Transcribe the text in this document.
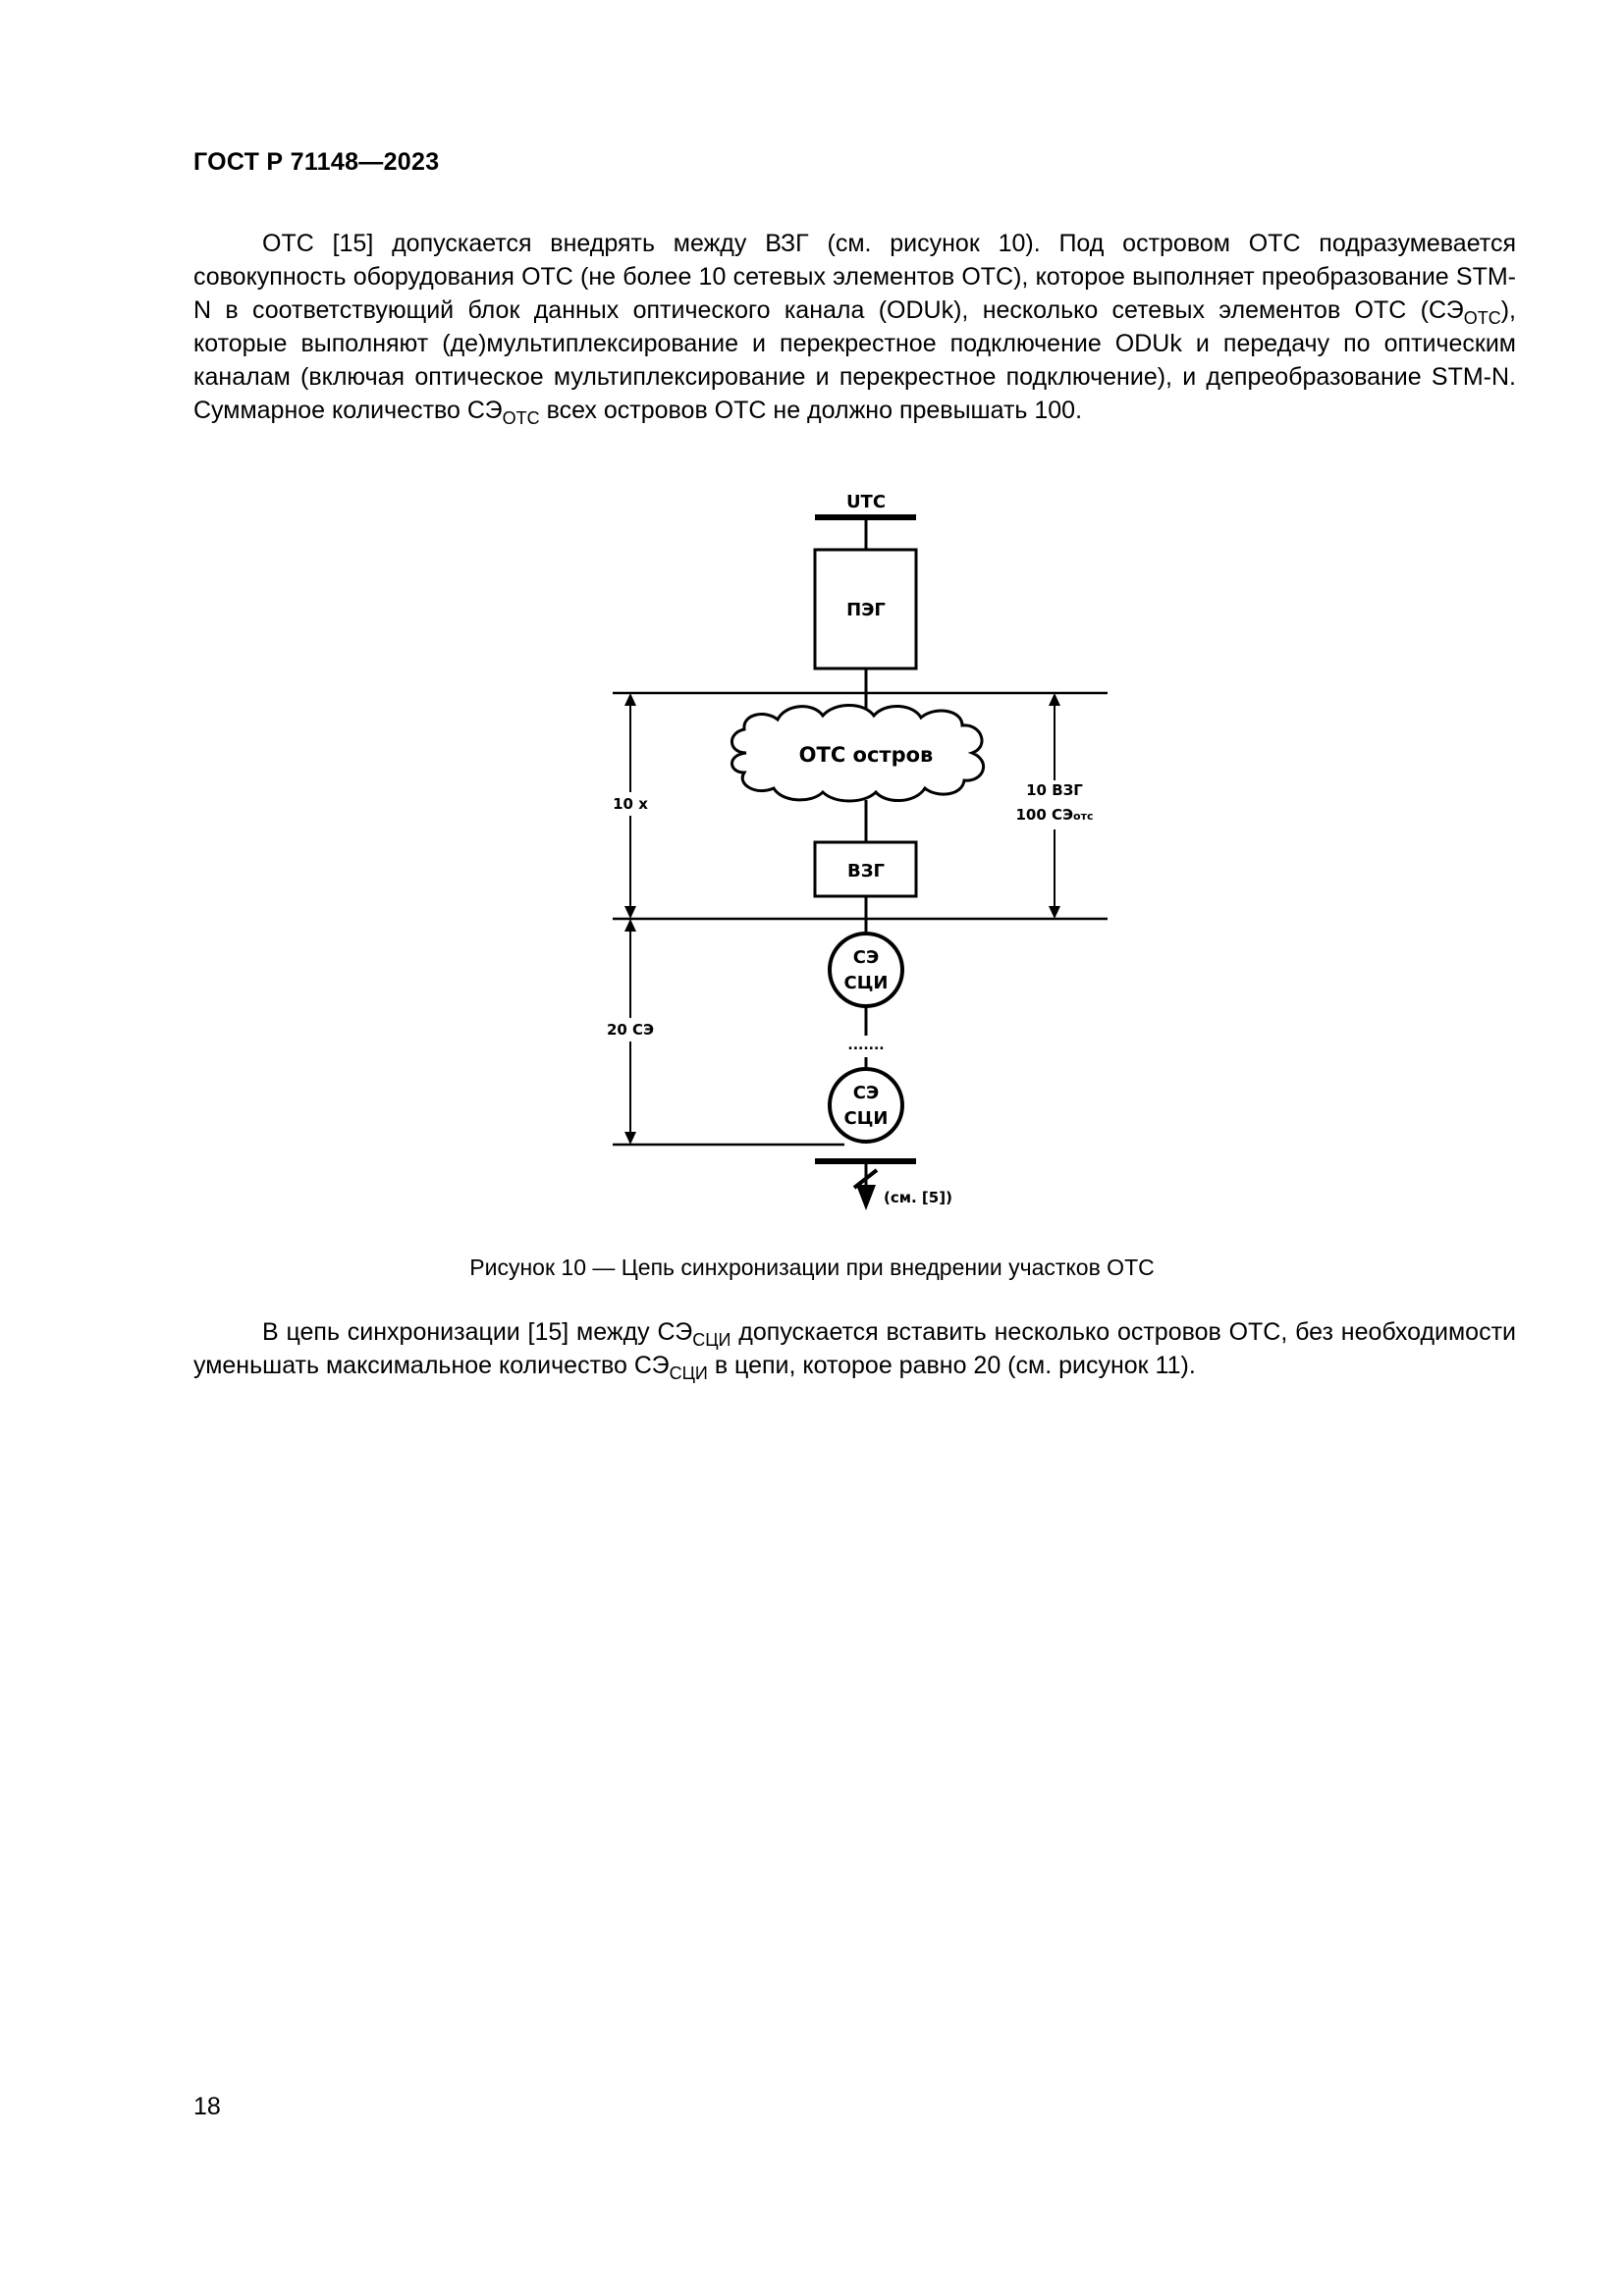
ГОСТ Р 71148—2023

ОТС [15] допускается внедрять между ВЗГ (см. рисунок 10). Под островом ОТС подразумевается совокупность оборудования ОТС (не более 10 сетевых элементов ОТС), которое выполняет преобразование STM-N в соответствующий блок данных оптического канала (ODUk), несколько сетевых элементов ОТС $(СЭ_{ОТС})$, которые выполняют (де)мультиплексирование и перекрестное подключение ODUk и передачу по оптическим каналам (включая оптическое мультиплексирование и перекрестное подключение), и депреобразование STM-N. Суммарное количество $СЭ_{ОТС}$ всех островов ОТС не должно превышать 100.

UTC
ПЭГ
ОТС остров
ВЗГ
СЭ
СЦИ
.......
СЭ
СЦИ
(см. [5])
10 x
20 СЭ
10 ВЗГ
100 СЭотс
Рисунок 10 — Цепь синхронизации при внедрении участков ОТС

В цепь синхронизации [15] между $СЭ_{СЦИ}$ допускается вставить несколько островов ОТС, без необходимости уменьшать максимальное количество $СЭ_{СЦИ}$ в цепи, которое равно 20 (см. рисунок 11).

18
